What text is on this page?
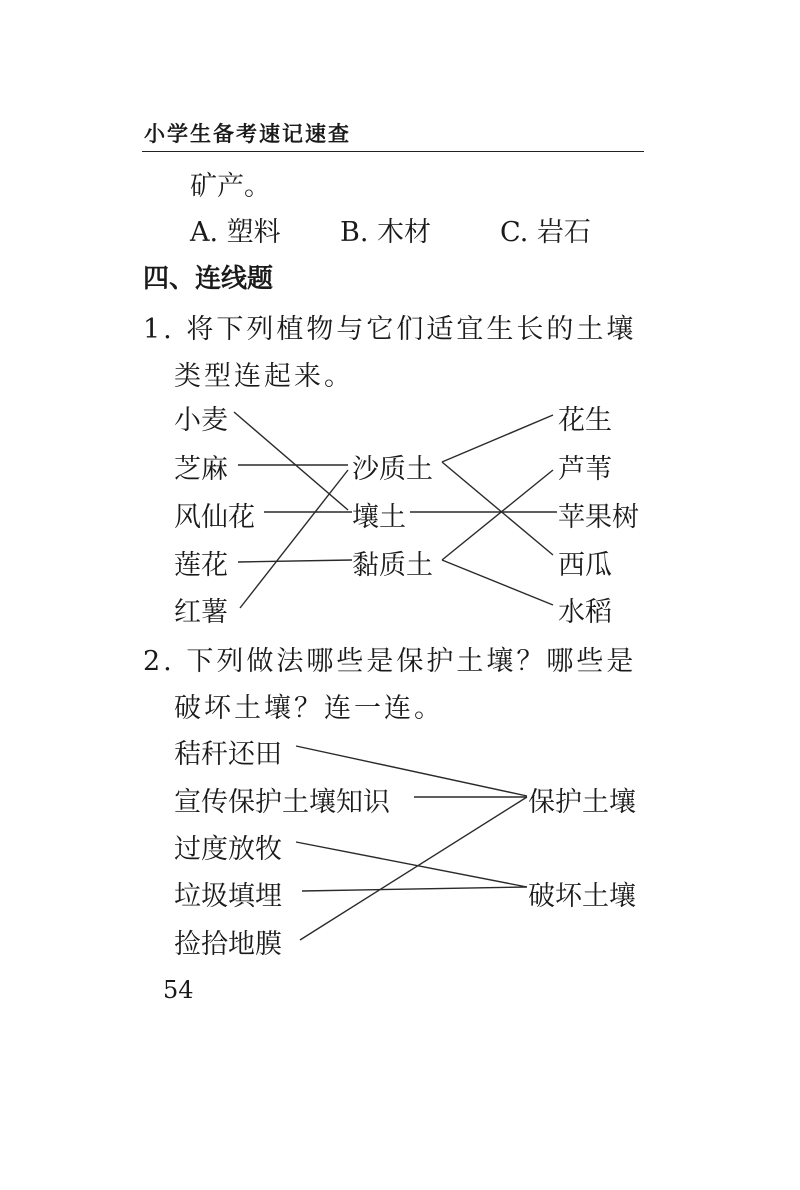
小学生备考速记速查
矿产。
A. 塑料 B. 木材	C. 岩石
四、连线题
1. 将下列植物与它们适宜生长的土壤
类型连起来。
小麦
芝麻
风仙花
莲花
红薯
沙质土
壤土
黏质土
花生
芦苇
苹果树
西瓜
水稻
2. 下列做法哪些是保护土壤？哪些是
破坏土壤？连一连。
秸秆还田
宣传保护土壤知识
过度放牧
垃圾填埋
捡拾地膜
保护土壤
破坏土壤
54
